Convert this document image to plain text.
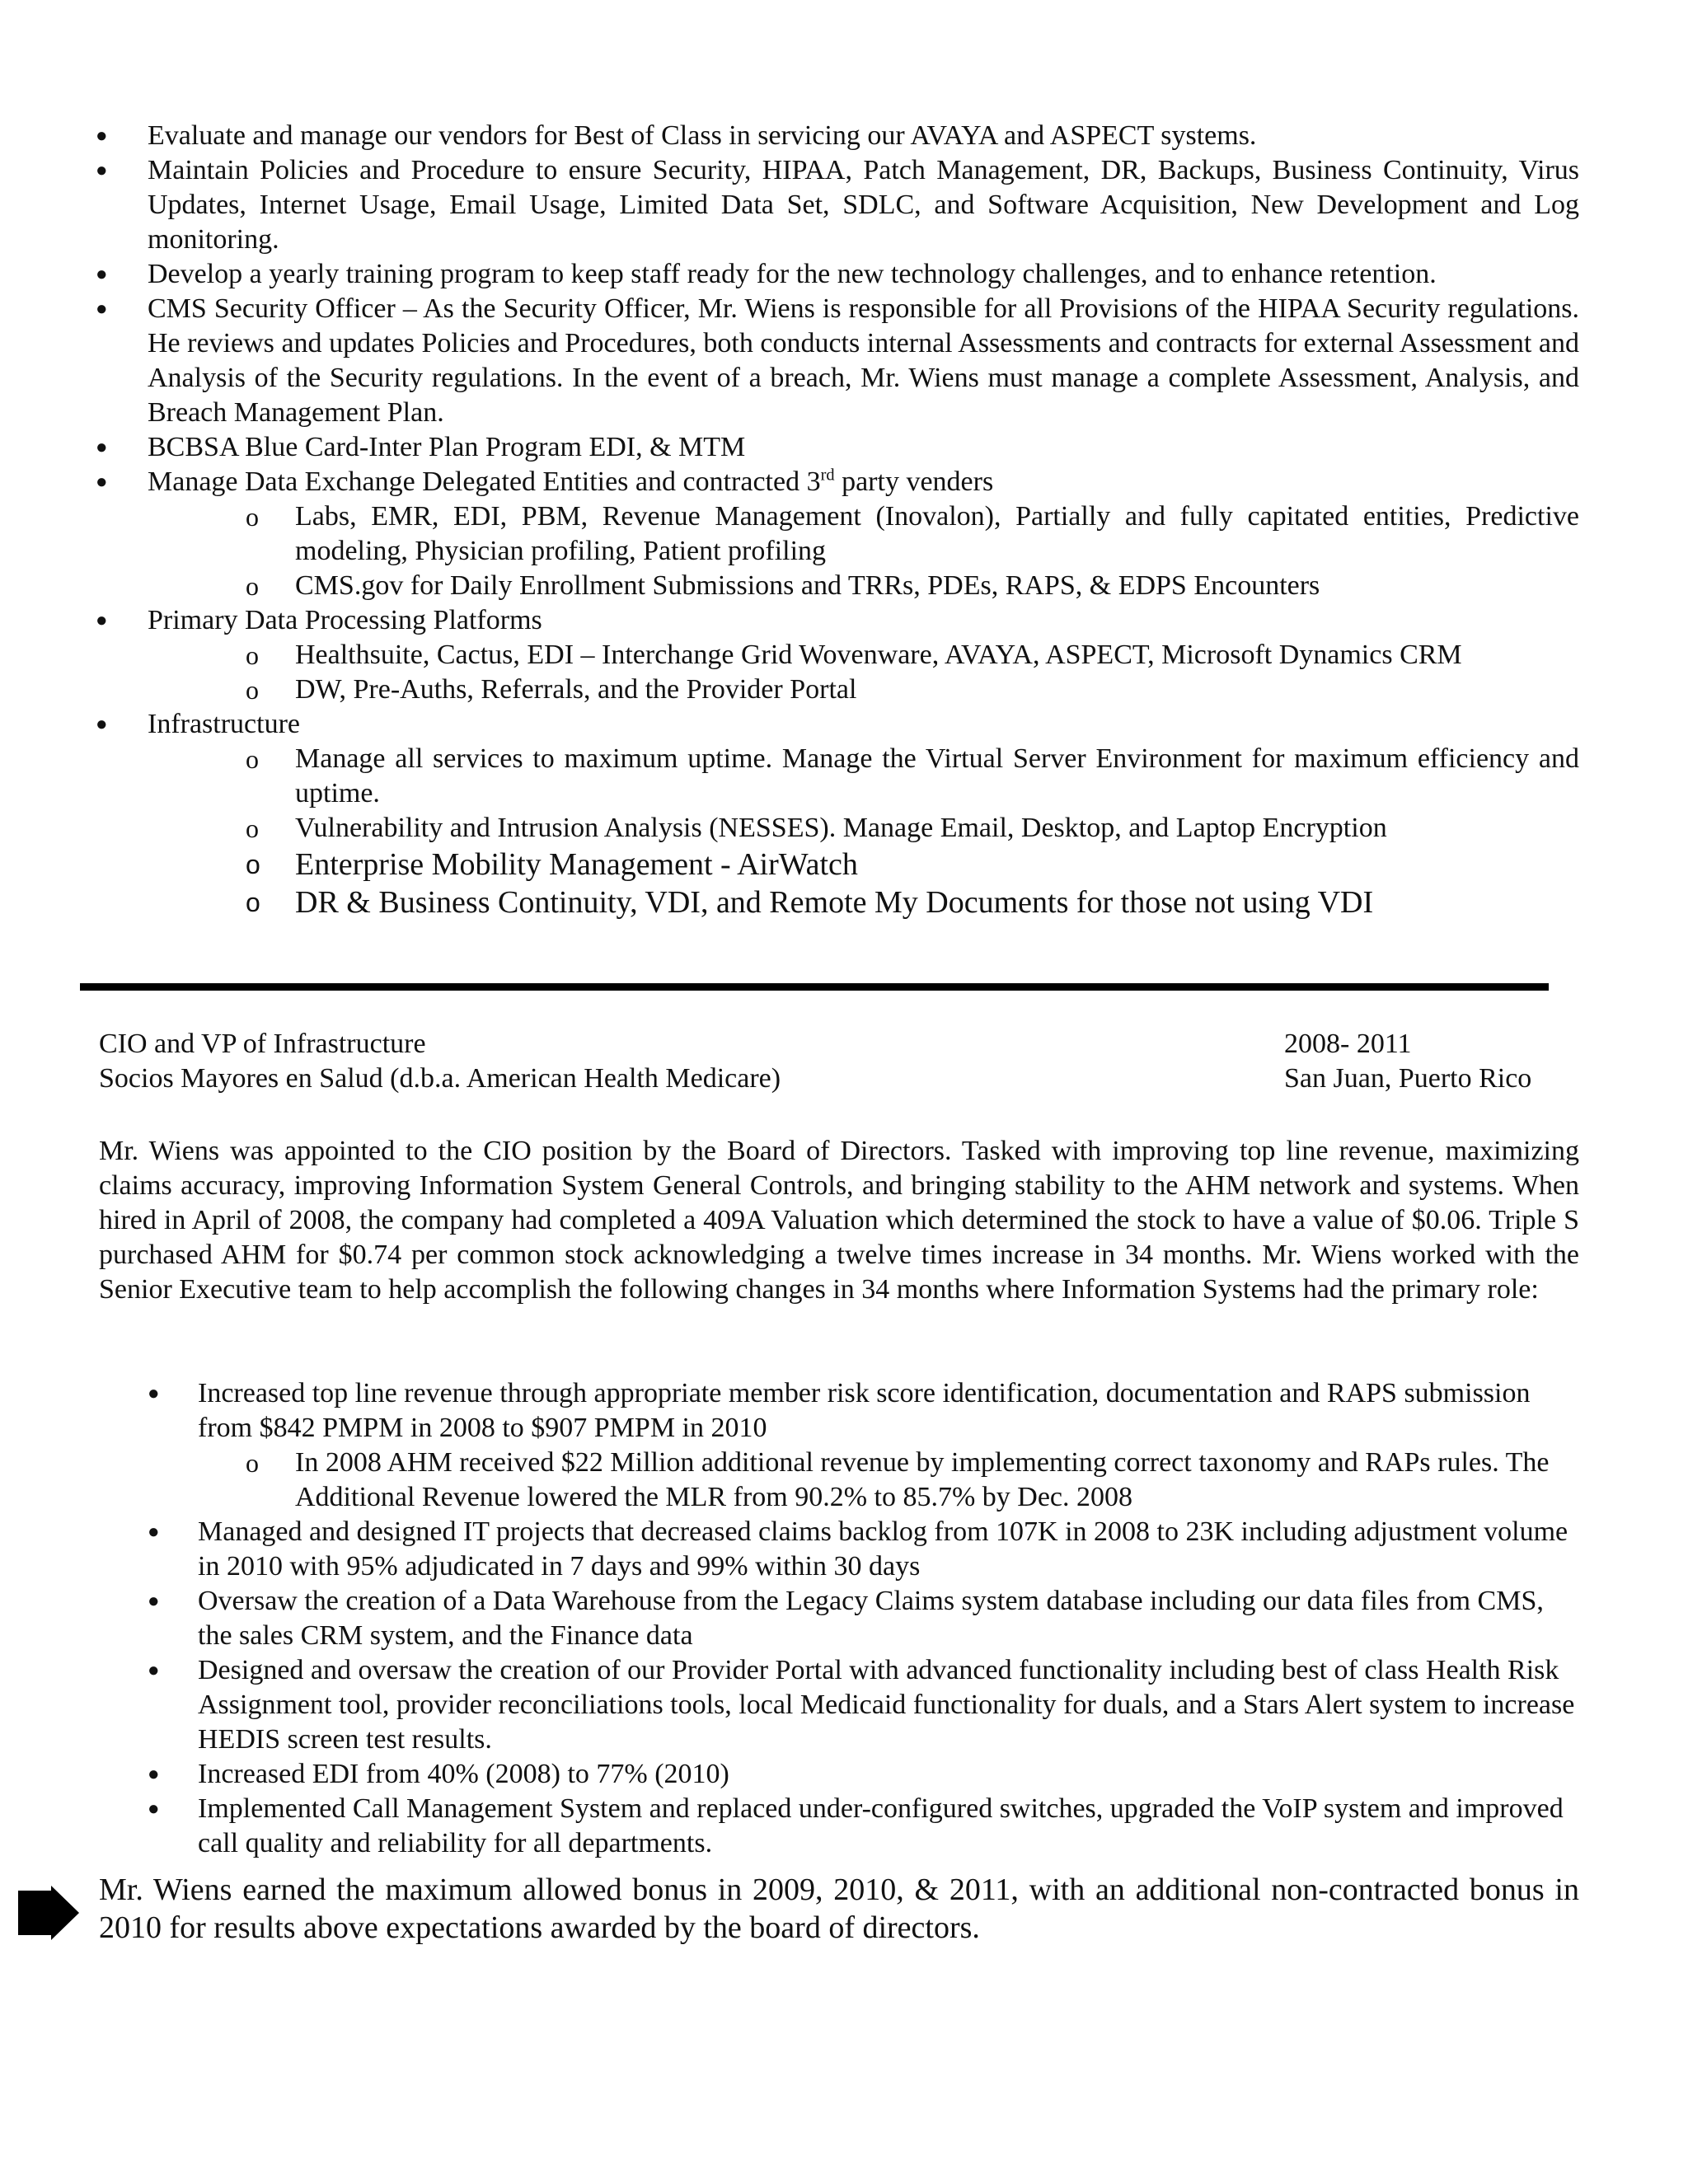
● Evaluate and manage our vendors for Best of Class in servicing our AVAYA and ASPECT systems.
● Maintain Policies and Procedure to ensure Security, HIPAA, Patch Management, DR, Backups, Business Continuity, Virus Updates, Internet Usage, Email Usage, Limited Data Set, SDLC, and Software Acquisition, New Development and Log monitoring.
● Develop a yearly training program to keep staff ready for the new technology challenges, and to enhance retention.
● CMS Security Officer – As the Security Officer, Mr. Wiens is responsible for all Provisions of the HIPAA Security regulations. He reviews and updates Policies and Procedures, both conducts internal Assessments and contracts for external Assessment and Analysis of the Security regulations. In the event of a breach, Mr. Wiens must manage a complete Assessment, Analysis, and Breach Management Plan.
● BCBSA Blue Card-Inter Plan Program EDI, & MTM
● Manage Data Exchange Delegated Entities and contracted 3rd party venders
o Labs, EMR, EDI, PBM, Revenue Management (Inovalon), Partially and fully capitated entities, Predictive modeling, Physician profiling, Patient profiling
o CMS.gov for Daily Enrollment Submissions and TRRs, PDEs, RAPS, & EDPS Encounters
● Primary Data Processing Platforms
o Healthsuite, Cactus, EDI – Interchange Grid Wovenware, AVAYA, ASPECT, Microsoft Dynamics CRM
o DW, Pre-Auths, Referrals, and the Provider Portal
● Infrastructure
o Manage all services to maximum uptime. Manage the Virtual Server Environment for maximum efficiency and uptime.
o Vulnerability and Intrusion Analysis (NESSES). Manage Email, Desktop, and Laptop Encryption
o Enterprise Mobility Management - AirWatch
o DR & Business Continuity, VDI, and Remote My Documents for those not using VDI
CIO and VP of Infrastructure	2008- 2011
Socios Mayores en Salud (d.b.a. American Health Medicare)	San Juan, Puerto Rico
Mr. Wiens was appointed to the CIO position by the Board of Directors. Tasked with improving top line revenue, maximizing claims accuracy, improving Information System General Controls, and bringing stability to the AHM network and systems. When hired in April of 2008, the company had completed a 409A Valuation which determined the stock to have a value of $0.06. Triple S purchased AHM for $0.74 per common stock acknowledging a twelve times increase in 34 months. Mr. Wiens worked with the Senior Executive team to help accomplish the following changes in 34 months where Information Systems had the primary role:
● Increased top line revenue through appropriate member risk score identification, documentation and RAPS submission from $842 PMPM in 2008 to $907 PMPM in 2010
o In 2008 AHM received $22 Million additional revenue by implementing correct taxonomy and RAPs rules. The Additional Revenue lowered the MLR from 90.2% to 85.7% by Dec. 2008
● Managed and designed IT projects that decreased claims backlog from 107K in 2008 to 23K including adjustment volume in 2010 with 95% adjudicated in 7 days and 99% within 30 days
● Oversaw the creation of a Data Warehouse from the Legacy Claims system database including our data files from CMS, the sales CRM system, and the Finance data
● Designed and oversaw the creation of our Provider Portal with advanced functionality including best of class Health Risk Assignment tool, provider reconciliations tools, local Medicaid functionality for duals, and a Stars Alert system to increase HEDIS screen test results.
● Increased EDI from 40% (2008) to 77% (2010)
● Implemented Call Management System and replaced under-configured switches, upgraded the VoIP system and improved call quality and reliability for all departments.
Mr. Wiens earned the maximum allowed bonus in 2009, 2010, & 2011, with an additional non-contracted bonus in 2010 for results above expectations awarded by the board of directors.
